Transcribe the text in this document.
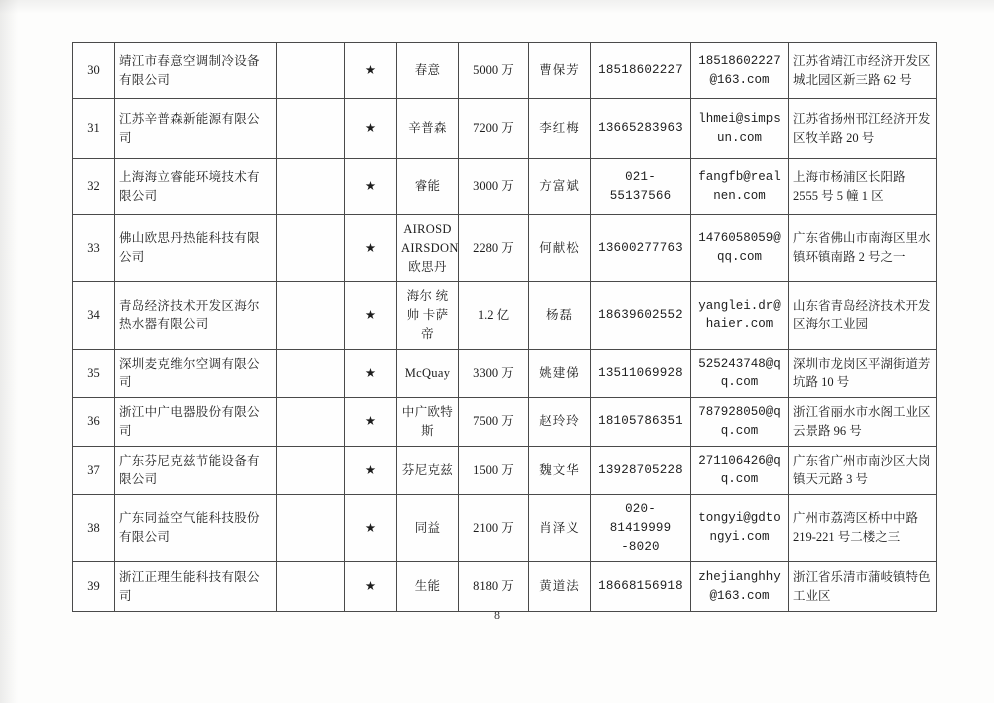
30	靖江市春意空调制冷设备有限公司		★	春意	5000 万	曹保芳	18518602227	18518602227@163.com	江苏省靖江市经济开发区城北园区新三路 62 号
31	江苏辛普森新能源有限公司		★	辛普森	7200 万	李红梅	13665283963	lhmei@simpsun.com	江苏省扬州邗江经济开发区牧羊路 20 号
32	上海海立睿能环境技术有限公司		★	睿能	3000 万	方富斌	021-55137566	fangfb@realnen.com	上海市杨浦区长阳路 2555 号 5 幢 1 区
33	佛山欧思丹热能科技有限公司		★	AIROSD AIRSDON 欧思丹	2280 万	何献松	13600277763	1476058059@qq.com	广东省佛山市南海区里水镇环镇南路 2 号之一
34	青岛经济技术开发区海尔热水器有限公司		★	海尔 统帅 卡萨帝	1.2 亿	杨磊	18639602552	yanglei.dr@haier.com	山东省青岛经济技术开发区海尔工业园
35	深圳麦克维尔空调有限公司		★	McQuay	3300 万	姚建俤	13511069928	525243748@qq.com	深圳市龙岗区平湖街道芳坑路 10 号
36	浙江中广电器股份有限公司		★	中广欧特斯	7500 万	赵玲玲	18105786351	787928050@qq.com	浙江省丽水市水阁工业区云景路 96 号
37	广东芬尼克兹节能设备有限公司		★	芬尼克兹	1500 万	魏文华	13928705228	271106426@qq.com	广东省广州市南沙区大岗镇天元路 3 号
38	广东同益空气能科技股份有限公司		★	同益	2100 万	肖泽义	020-81419999 -8020	tongyi@gdtongyi.com	广州市荔湾区桥中中路 219-221 号二楼之三
39	浙江正理生能科技有限公司		★	生能	8180 万	黄道法	18668156918	zhejianghhy@163.com	浙江省乐清市蒲岐镇特色工业区
8
